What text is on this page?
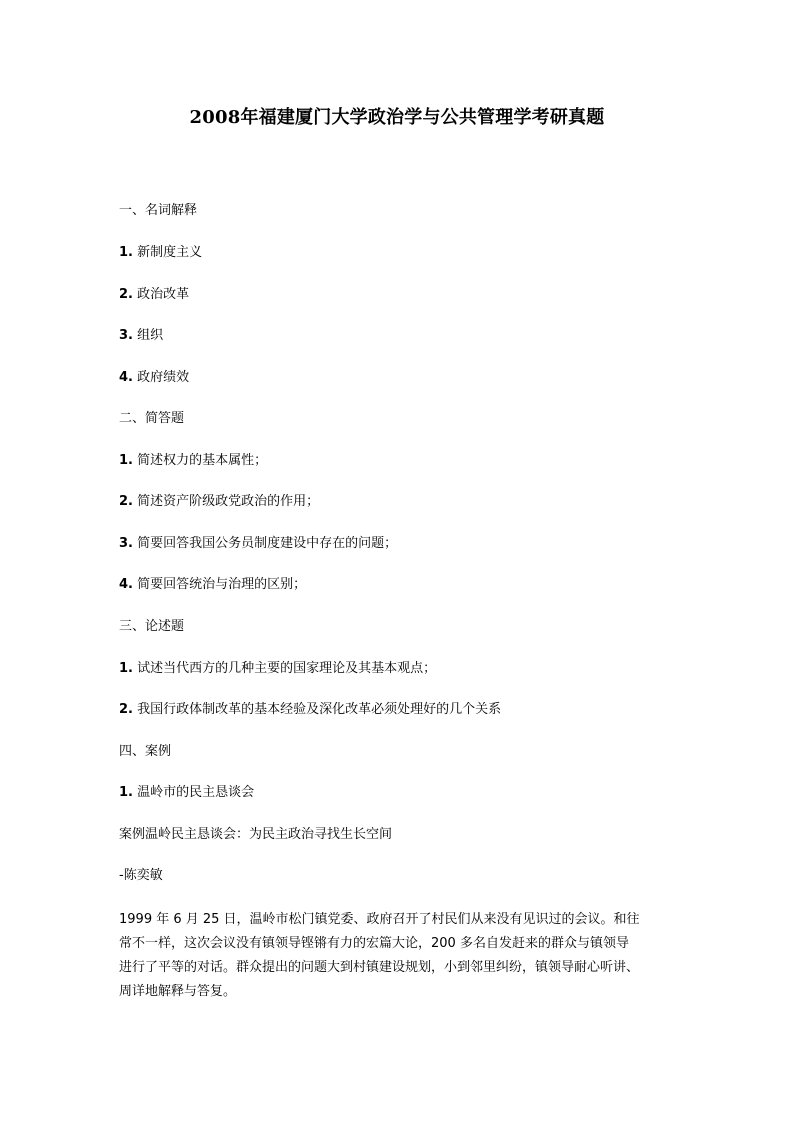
2008年福建厦门大学政治学与公共管理学考研真题
一、名词解释
1. 新制度主义
2. 政治改革
3. 组织
4. 政府绩效
二、简答题
1. 简述权力的基本属性；
2. 简述资产阶级政党政治的作用；
3. 简要回答我国公务员制度建设中存在的问题；
4. 简要回答统治与治理的区别；
三、论述题
1. 试述当代西方的几种主要的国家理论及其基本观点；
2. 我国行政体制改革的基本经验及深化改革必须处理好的几个关系
四、案例
1. 温岭市的民主恳谈会
案例温岭民主恳谈会：为民主政治寻找生长空间
-陈奕敏
1999 年 6 月 25 日，温岭市松门镇党委、政府召开了村民们从来没有见识过的会议。和往
常不一样，这次会议没有镇领导铿锵有力的宏篇大论，200 多名自发赶来的群众与镇领导
进行了平等的对话。群众提出的问题大到村镇建设规划，小到邻里纠纷，镇领导耐心听讲、
周详地解释与答复。
